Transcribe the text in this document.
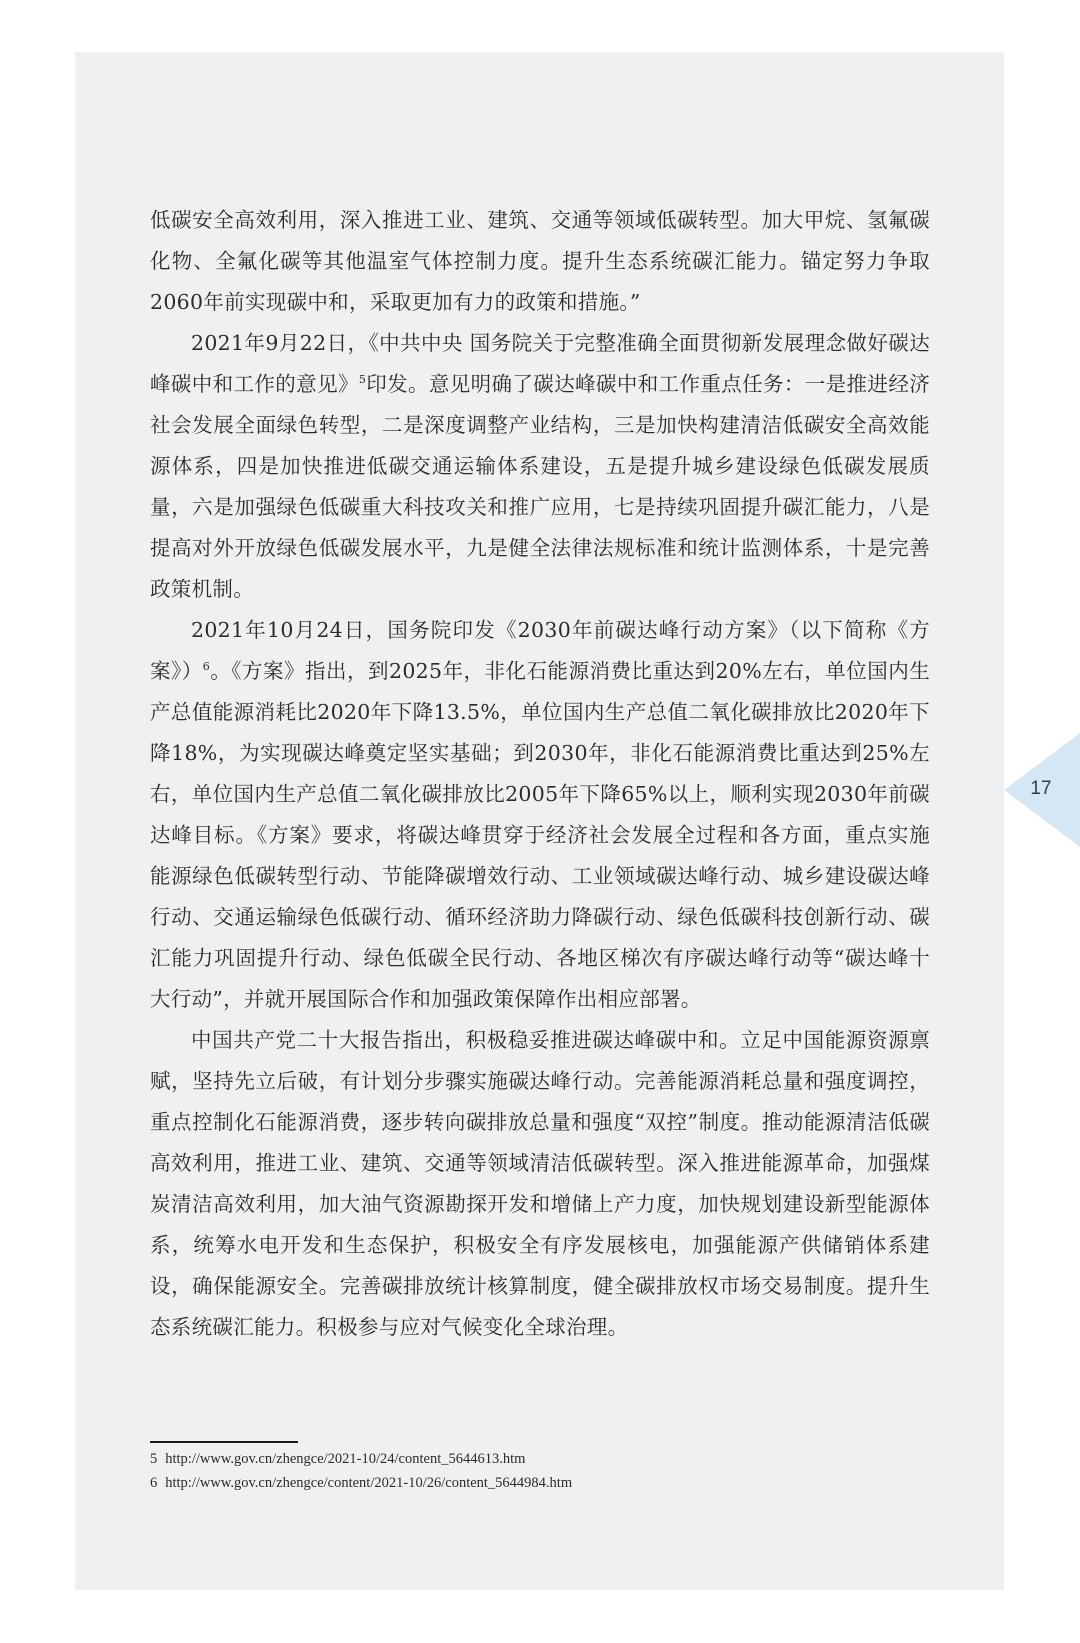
低碳安全高效利用，深入推进工业、建筑、交通等领域低碳转型。加大甲烷、氢氟碳化物、全氟化碳等其他温室气体控制力度。提升生态系统碳汇能力。锚定努力争取2060年前实现碳中和，采取更加有力的政策和措施。”

2021年9月22日，《中共中央 国务院关于完整准确全面贯彻新发展理念做好碳达峰碳中和工作的意见》$^5$印发。意见明确了碳达峰碳中和工作重点任务：一是推进经济社会发展全面绿色转型，二是深度调整产业结构，三是加快构建清洁低碳安全高效能源体系，四是加快推进低碳交通运输体系建设，五是提升城乡建设绿色低碳发展质量，六是加强绿色低碳重大科技攻关和推广应用，七是持续巩固提升碳汇能力，八是提高对外开放绿色低碳发展水平，九是健全法律法规标准和统计监测体系，十是完善政策机制。

2021年10月24日，国务院印发《2030年前碳达峰行动方案》（以下简称《方案》）$^6$。《方案》指出，到2025年，非化石能源消费比重达到20%左右，单位国内生产总值能源消耗比2020年下降13.5%，单位国内生产总值二氧化碳排放比2020年下降18%，为实现碳达峰奠定坚实基础；到2030年，非化石能源消费比重达到25%左右，单位国内生产总值二氧化碳排放比2005年下降65%以上，顺利实现2030年前碳达峰目标。《方案》要求，将碳达峰贯穿于经济社会发展全过程和各方面，重点实施能源绿色低碳转型行动、节能降碳增效行动、工业领域碳达峰行动、城乡建设碳达峰行动、交通运输绿色低碳行动、循环经济助力降碳行动、绿色低碳科技创新行动、碳汇能力巩固提升行动、绿色低碳全民行动、各地区梯次有序碳达峰行动等“碳达峰十大行动”，并就开展国际合作和加强政策保障作出相应部署。

中国共产党二十大报告指出，积极稳妥推进碳达峰碳中和。立足中国能源资源禀赋，坚持先立后破，有计划分步骤实施碳达峰行动。完善能源消耗总量和强度调控，重点控制化石能源消费，逐步转向碳排放总量和强度“双控”制度。推动能源清洁低碳高效利用，推进工业、建筑、交通等领域清洁低碳转型。深入推进能源革命，加强煤炭清洁高效利用，加大油气资源勘探开发和增储上产力度，加快规划建设新型能源体系，统筹水电开发和生态保护，积极安全有序发展核电，加强能源产供储销体系建设，确保能源安全。完善碳排放统计核算制度，健全碳排放权市场交易制度。提升生态系统碳汇能力。积极参与应对气候变化全球治理。

5 http://www.gov.cn/zhengce/2021-10/24/content_5644613.htm
6 http://www.gov.cn/zhengce/content/2021-10/26/content_5644984.htm
17
